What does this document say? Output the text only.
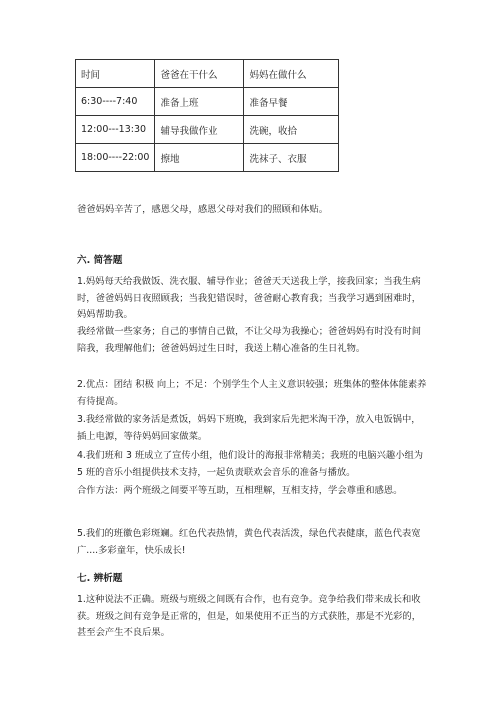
时间	爸爸在干什么	妈妈在做什么
6:30----7:40	准备上班	准备早餐
12:00---13:30	辅导我做作业	洗碗，收拾
18:00----22:00	擦地	洗袜子、衣服
爸爸妈妈辛苦了，感恩父母，感恩父母对我们的照顾和体贴。
六. 简答题
1.妈妈每天给我做饭、洗衣服、辅导作业；爸爸天天送我上学，接我回家；当我生病时，爸爸妈妈日夜照顾我；当我犯错误时，爸爸耐心教育我；当我学习遇到困难时，妈妈帮助我。
我经常做一些家务；自己的事情自己做，不让父母为我操心；爸爸妈妈有时没有时间陪我，我理解他们；爸爸妈妈过生日时，我送上精心准备的生日礼物。
2.优点：团结 积极 向上；不足：个别学生个人主义意识较强；班集体的整体体能素养有待提高。
3.我经常做的家务活是煮饭，妈妈下班晚，我到家后先把米淘干净，放入电饭锅中，插上电源，等待妈妈回家做菜。
4.我们班和 3 班成立了宣传小组，他们设计的海报非常精美；我班的电脑兴趣小组为 5 班的音乐小组提供技术支持，一起负责联欢会音乐的准备与播放。
合作方法：两个班级之间要平等互助，互相理解，互相支持，学会尊重和感恩。
5.我们的班徽色彩斑斓。红色代表热情，黄色代表活泼，绿色代表健康，蓝色代表宽广....多彩童年，快乐成长!
七. 辨析题
1.这种说法不正确。班级与班级之间既有合作，也有竞争。竞争给我们带来成长和收获。班级之间有竞争是正常的，但是，如果使用不正当的方式获胜，那是不光彩的，甚至会产生不良后果。
